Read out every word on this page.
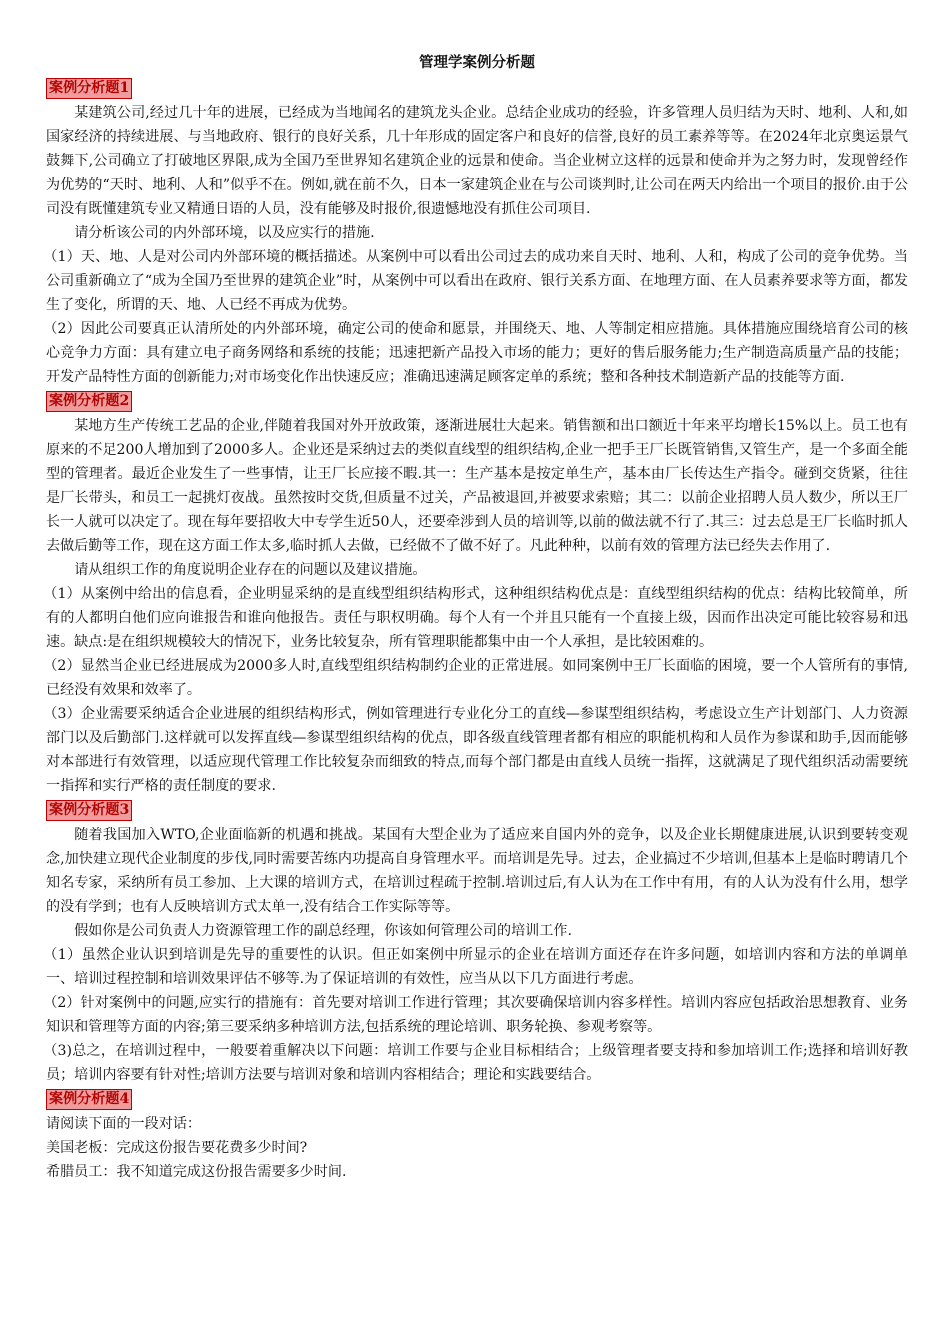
管理学案例分析题
案例分析题1

某建筑公司,经过几十年的进展，已经成为当地闻名的建筑龙头企业。总结企业成功的经验，许多管理人员归结为天时、地利、人和,如国家经济的持续进展、与当地政府、银行的良好关系，几十年形成的固定客户和良好的信誉,良好的员工素养等等。在2024年北京奥运景气鼓舞下,公司确立了打破地区界限,成为全国乃至世界知名建筑企业的远景和使命。当企业树立这样的远景和使命并为之努力时，发现曾经作为优势的“天时、地利、人和”似乎不在。例如,就在前不久，日本一家建筑企业在与公司谈判时,让公司在两天内给出一个项目的报价.由于公司没有既懂建筑专业又精通日语的人员，没有能够及时报价,很遗憾地没有抓住公司项目.

请分析该公司的内外部环境，以及应实行的措施.

（1）天、地、人是对公司内外部环境的概括描述。从案例中可以看出公司过去的成功来自天时、地利、人和，构成了公司的竞争优势。当公司重新确立了“成为全国乃至世界的建筑企业”时，从案例中可以看出在政府、银行关系方面、在地理方面、在人员素养要求等方面，都发生了变化，所谓的天、地、人已经不再成为优势。

（2）因此公司要真正认清所处的内外部环境，确定公司的使命和愿景，并围绕天、地、人等制定相应措施。具体措施应围绕培育公司的核心竞争力方面：具有建立电子商务网络和系统的技能；迅速把新产品投入市场的能力；更好的售后服务能力;生产制造高质量产品的技能；开发产品特性方面的创新能力;对市场变化作出快速反应；准确迅速满足顾客定单的系统；整和各种技术制造新产品的技能等方面.

案例分析题2

某地方生产传统工艺品的企业,伴随着我国对外开放政策，逐渐进展壮大起来。销售额和出口额近十年来平均增长15%以上。员工也有原来的不足200人增加到了2000多人。企业还是采纳过去的类似直线型的组织结构,企业一把手王厂长既管销售,又管生产，是一个多面全能型的管理者。最近企业发生了一些事情，让王厂长应接不暇.其一：生产基本是按定单生产，基本由厂长传达生产指令。碰到交货紧，往往是厂长带头，和员工一起挑灯夜战。虽然按时交货,但质量不过关，产品被退回,并被要求索赔；其二：以前企业招聘人员人数少，所以王厂长一人就可以决定了。现在每年要招收大中专学生近50人，还要牵涉到人员的培训等,以前的做法就不行了.其三：过去总是王厂长临时抓人去做后勤等工作，现在这方面工作太多,临时抓人去做，已经做不了做不好了。凡此种种，以前有效的管理方法已经失去作用了.

请从组织工作的角度说明企业存在的问题以及建议措施。

（1）从案例中给出的信息看，企业明显采纳的是直线型组织结构形式，这种组织结构优点是：直线型组织结构的优点：结构比较简单，所有的人都明白他们应向谁报告和谁向他报告。责任与职权明确。每个人有一个并且只能有一个直接上级，因而作出决定可能比较容易和迅速。缺点:是在组织规模较大的情况下，业务比较复杂，所有管理职能都集中由一个人承担，是比较困难的。

（2）显然当企业已经进展成为2000多人时,直线型组织结构制约企业的正常进展。如同案例中王厂长面临的困境，要一个人管所有的事情,已经没有效果和效率了。

（3）企业需要采纳适合企业进展的组织结构形式，例如管理进行专业化分工的直线—参谋型组织结构，考虑设立生产计划部门、人力资源部门以及后勤部门.这样就可以发挥直线—参谋型组织结构的优点，即各级直线管理者都有相应的职能机构和人员作为参谋和助手,因而能够对本部进行有效管理，以适应现代管理工作比较复杂而细致的特点,而每个部门都是由直线人员统一指挥，这就满足了现代组织活动需要统一指挥和实行严格的责任制度的要求.

案例分析题3

随着我国加入WTO,企业面临新的机遇和挑战。某国有大型企业为了适应来自国内外的竞争，以及企业长期健康进展,认识到要转变观念,加快建立现代企业制度的步伐,同时需要苦练内功提高自身管理水平。而培训是先导。过去，企业搞过不少培训,但基本上是临时聘请几个知名专家，采纳所有员工参加、上大课的培训方式，在培训过程疏于控制.培训过后,有人认为在工作中有用，有的人认为没有什么用，想学的没有学到；也有人反映培训方式太单一,没有结合工作实际等等。

假如你是公司负责人力资源管理工作的副总经理，你该如何管理公司的培训工作.

（1）虽然企业认识到培训是先导的重要性的认识。但正如案例中所显示的企业在培训方面还存在许多问题，如培训内容和方法的单调单一、培训过程控制和培训效果评估不够等.为了保证培训的有效性，应当从以下几方面进行考虑。

（2）针对案例中的问题,应实行的措施有：首先要对培训工作进行管理；其次要确保培训内容多样性。培训内容应包括政治思想教育、业务知识和管理等方面的内容;第三要采纳多种培训方法,包括系统的理论培训、职务轮换、参观考察等。

（3)总之，在培训过程中，一般要着重解决以下问题：培训工作要与企业目标相结合；上级管理者要支持和参加培训工作;选择和培训好教员；培训内容要有针对性;培训方法要与培训对象和培训内容相结合；理论和实践要结合。

案例分析题4

请阅读下面的一段对话：

美国老板：完成这份报告要花费多少时间?

希腊员工：我不知道完成这份报告需要多少时间.
